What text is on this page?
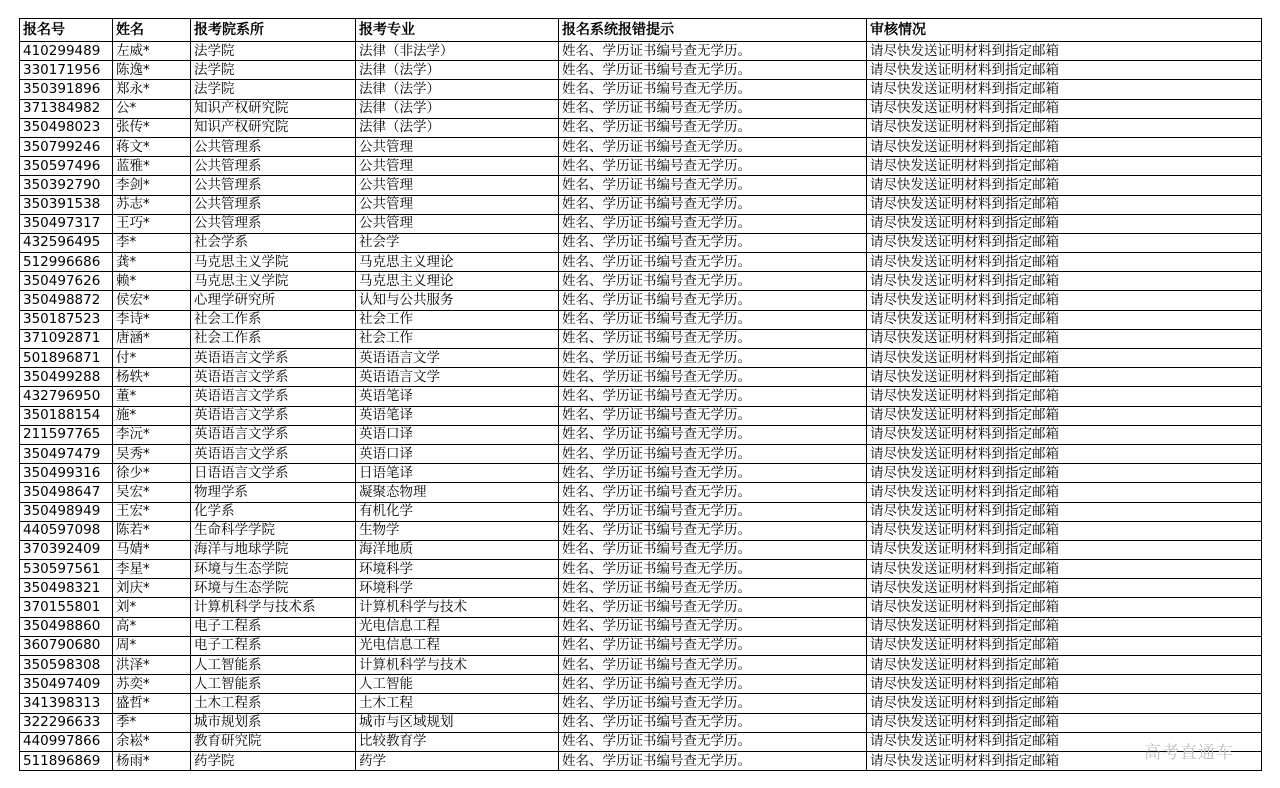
报名号	姓名	报考院系所	报考专业	报名系统报错提示	审核情况
410299489	左威*	法学院	法律（非法学）	姓名、学历证书编号查无学历。	请尽快发送证明材料到指定邮箱
330171956	陈逸*	法学院	法律（法学）	姓名、学历证书编号查无学历。	请尽快发送证明材料到指定邮箱
350391896	郑永*	法学院	法律（法学）	姓名、学历证书编号查无学历。	请尽快发送证明材料到指定邮箱
371384982	公*	知识产权研究院	法律（法学）	姓名、学历证书编号查无学历。	请尽快发送证明材料到指定邮箱
350498023	张传*	知识产权研究院	法律（法学）	姓名、学历证书编号查无学历。	请尽快发送证明材料到指定邮箱
350799246	蒋文*	公共管理系	公共管理	姓名、学历证书编号查无学历。	请尽快发送证明材料到指定邮箱
350597496	蓝雅*	公共管理系	公共管理	姓名、学历证书编号查无学历。	请尽快发送证明材料到指定邮箱
350392790	李剑*	公共管理系	公共管理	姓名、学历证书编号查无学历。	请尽快发送证明材料到指定邮箱
350391538	苏志*	公共管理系	公共管理	姓名、学历证书编号查无学历。	请尽快发送证明材料到指定邮箱
350497317	王巧*	公共管理系	公共管理	姓名、学历证书编号查无学历。	请尽快发送证明材料到指定邮箱
432596495	李*	社会学系	社会学	姓名、学历证书编号查无学历。	请尽快发送证明材料到指定邮箱
512996686	龚*	马克思主义学院	马克思主义理论	姓名、学历证书编号查无学历。	请尽快发送证明材料到指定邮箱
350497626	赖*	马克思主义学院	马克思主义理论	姓名、学历证书编号查无学历。	请尽快发送证明材料到指定邮箱
350498872	侯宏*	心理学研究所	认知与公共服务	姓名、学历证书编号查无学历。	请尽快发送证明材料到指定邮箱
350187523	李诗*	社会工作系	社会工作	姓名、学历证书编号查无学历。	请尽快发送证明材料到指定邮箱
371092871	唐涵*	社会工作系	社会工作	姓名、学历证书编号查无学历。	请尽快发送证明材料到指定邮箱
501896871	付*	英语语言文学系	英语语言文学	姓名、学历证书编号查无学历。	请尽快发送证明材料到指定邮箱
350499288	杨轶*	英语语言文学系	英语语言文学	姓名、学历证书编号查无学历。	请尽快发送证明材料到指定邮箱
432796950	董*	英语语言文学系	英语笔译	姓名、学历证书编号查无学历。	请尽快发送证明材料到指定邮箱
350188154	施*	英语语言文学系	英语笔译	姓名、学历证书编号查无学历。	请尽快发送证明材料到指定邮箱
211597765	李沅*	英语语言文学系	英语口译	姓名、学历证书编号查无学历。	请尽快发送证明材料到指定邮箱
350497479	吴秀*	英语语言文学系	英语口译	姓名、学历证书编号查无学历。	请尽快发送证明材料到指定邮箱
350499316	徐少*	日语语言文学系	日语笔译	姓名、学历证书编号查无学历。	请尽快发送证明材料到指定邮箱
350498647	吴宏*	物理学系	凝聚态物理	姓名、学历证书编号查无学历。	请尽快发送证明材料到指定邮箱
350498949	王宏*	化学系	有机化学	姓名、学历证书编号查无学历。	请尽快发送证明材料到指定邮箱
440597098	陈若*	生命科学学院	生物学	姓名、学历证书编号查无学历。	请尽快发送证明材料到指定邮箱
370392409	马婧*	海洋与地球学院	海洋地质	姓名、学历证书编号查无学历。	请尽快发送证明材料到指定邮箱
530597561	李星*	环境与生态学院	环境科学	姓名、学历证书编号查无学历。	请尽快发送证明材料到指定邮箱
350498321	刘庆*	环境与生态学院	环境科学	姓名、学历证书编号查无学历。	请尽快发送证明材料到指定邮箱
370155801	刘*	计算机科学与技术系	计算机科学与技术	姓名、学历证书编号查无学历。	请尽快发送证明材料到指定邮箱
350498860	高*	电子工程系	光电信息工程	姓名、学历证书编号查无学历。	请尽快发送证明材料到指定邮箱
360790680	周*	电子工程系	光电信息工程	姓名、学历证书编号查无学历。	请尽快发送证明材料到指定邮箱
350598308	洪泽*	人工智能系	计算机科学与技术	姓名、学历证书编号查无学历。	请尽快发送证明材料到指定邮箱
350497409	苏奕*	人工智能系	人工智能	姓名、学历证书编号查无学历。	请尽快发送证明材料到指定邮箱
341398313	盛哲*	土木工程系	土木工程	姓名、学历证书编号查无学历。	请尽快发送证明材料到指定邮箱
322296633	季*	城市规划系	城市与区域规划	姓名、学历证书编号查无学历。	请尽快发送证明材料到指定邮箱
440997866	余崧*	教育研究院	比较教育学	姓名、学历证书编号查无学历。	请尽快发送证明材料到指定邮箱
511896869	杨雨*	药学院	药学	姓名、学历证书编号查无学历。	请尽快发送证明材料到指定邮箱	高考直通车
